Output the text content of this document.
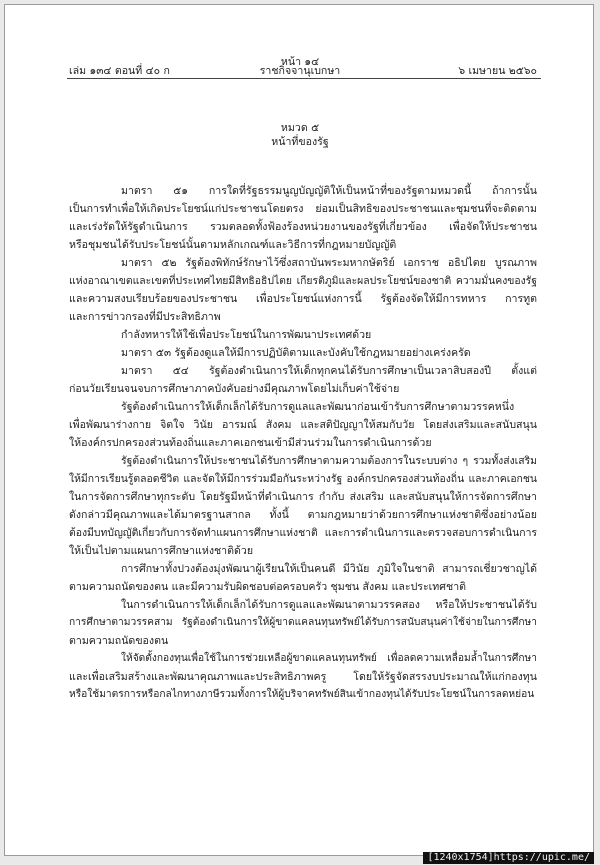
หน้า ๑๔
เล่ม ๑๓๔ ตอนที่ ๔๐ ก	ราชกิจจานุเบกษา	๖ เมษายน ๒๕๖๐
หมวด ๕
หน้าที่ของรัฐ
มาตรา ๕๑ การใดที่รัฐธรรมนูญบัญญัติให้เป็นหน้าที่ของรัฐตามหมวดนี้ ถ้าการนั้น
เป็นการทำเพื่อให้เกิดประโยชน์แก่ประชาชนโดยตรง ย่อมเป็นสิทธิของประชาชนและชุมชนที่จะติดตาม
และเร่งรัดให้รัฐดำเนินการ รวมตลอดทั้งฟ้องร้องหน่วยงานของรัฐที่เกี่ยวข้อง เพื่อจัดให้ประชาชน
หรือชุมชนได้รับประโยชน์นั้นตามหลักเกณฑ์และวิธีการที่กฎหมายบัญญัติ
มาตรา ๕๒ รัฐต้องพิทักษ์รักษาไว้ซึ่งสถาบันพระมหากษัตริย์ เอกราช อธิปไตย บูรณภาพ
แห่งอาณาเขตและเขตที่ประเทศไทยมีสิทธิอธิปไตย เกียรติภูมิและผลประโยชน์ของชาติ ความมั่นคงของรัฐ
และความสงบเรียบร้อยของประชาชน เพื่อประโยชน์แห่งการนี้ รัฐต้องจัดให้มีการทหาร การทูต
และการข่าวกรองที่มีประสิทธิภาพ
กำลังทหารให้ใช้เพื่อประโยชน์ในการพัฒนาประเทศด้วย
มาตรา ๕๓ รัฐต้องดูแลให้มีการปฏิบัติตามและบังคับใช้กฎหมายอย่างเคร่งครัด
มาตรา ๕๔ รัฐต้องดำเนินการให้เด็กทุกคนได้รับการศึกษาเป็นเวลาสิบสองปี ตั้งแต่
ก่อนวัยเรียนจนจบการศึกษาภาคบังคับอย่างมีคุณภาพโดยไม่เก็บค่าใช้จ่าย
รัฐต้องดำเนินการให้เด็กเล็กได้รับการดูแลและพัฒนาก่อนเข้ารับการศึกษาตามวรรคหนึ่ง
เพื่อพัฒนาร่างกาย จิตใจ วินัย อารมณ์ สังคม และสติปัญญาให้สมกับวัย โดยส่งเสริมและสนับสนุน
ให้องค์กรปกครองส่วนท้องถิ่นและภาคเอกชนเข้ามีส่วนร่วมในการดำเนินการด้วย
รัฐต้องดำเนินการให้ประชาชนได้รับการศึกษาตามความต้องการในระบบต่าง ๆ รวมทั้งส่งเสริม
ให้มีการเรียนรู้ตลอดชีวิต และจัดให้มีการร่วมมือกันระหว่างรัฐ องค์กรปกครองส่วนท้องถิ่น และภาคเอกชน
ในการจัดการศึกษาทุกระดับ โดยรัฐมีหน้าที่ดำเนินการ กำกับ ส่งเสริม และสนับสนุนให้การจัดการศึกษา
ดังกล่าวมีคุณภาพและได้มาตรฐานสากล ทั้งนี้ ตามกฎหมายว่าด้วยการศึกษาแห่งชาติซึ่งอย่างน้อย
ต้องมีบทบัญญัติเกี่ยวกับการจัดทำแผนการศึกษาแห่งชาติ และการดำเนินการและตรวจสอบการดำเนินการ
ให้เป็นไปตามแผนการศึกษาแห่งชาติด้วย
การศึกษาทั้งปวงต้องมุ่งพัฒนาผู้เรียนให้เป็นคนดี มีวินัย ภูมิใจในชาติ สามารถเชี่ยวชาญได้
ตามความถนัดของตน และมีความรับผิดชอบต่อครอบครัว ชุมชน สังคม และประเทศชาติ
ในการดำเนินการให้เด็กเล็กได้รับการดูแลและพัฒนาตามวรรคสอง หรือให้ประชาชนได้รับ
การศึกษาตามวรรคสาม รัฐต้องดำเนินการให้ผู้ขาดแคลนทุนทรัพย์ได้รับการสนับสนุนค่าใช้จ่ายในการศึกษา
ตามความถนัดของตน
ให้จัดตั้งกองทุนเพื่อใช้ในการช่วยเหลือผู้ขาดแคลนทุนทรัพย์ เพื่อลดความเหลื่อมล้ำในการศึกษา
และเพื่อเสริมสร้างและพัฒนาคุณภาพและประสิทธิภาพครู โดยให้รัฐจัดสรรงบประมาณให้แก่กองทุน
หรือใช้มาตรการหรือกลไกทางภาษีรวมทั้งการให้ผู้บริจาคทรัพย์สินเข้ากองทุนได้รับประโยชน์ในการลดหย่อน
[1240x1754]https://upic.me/
